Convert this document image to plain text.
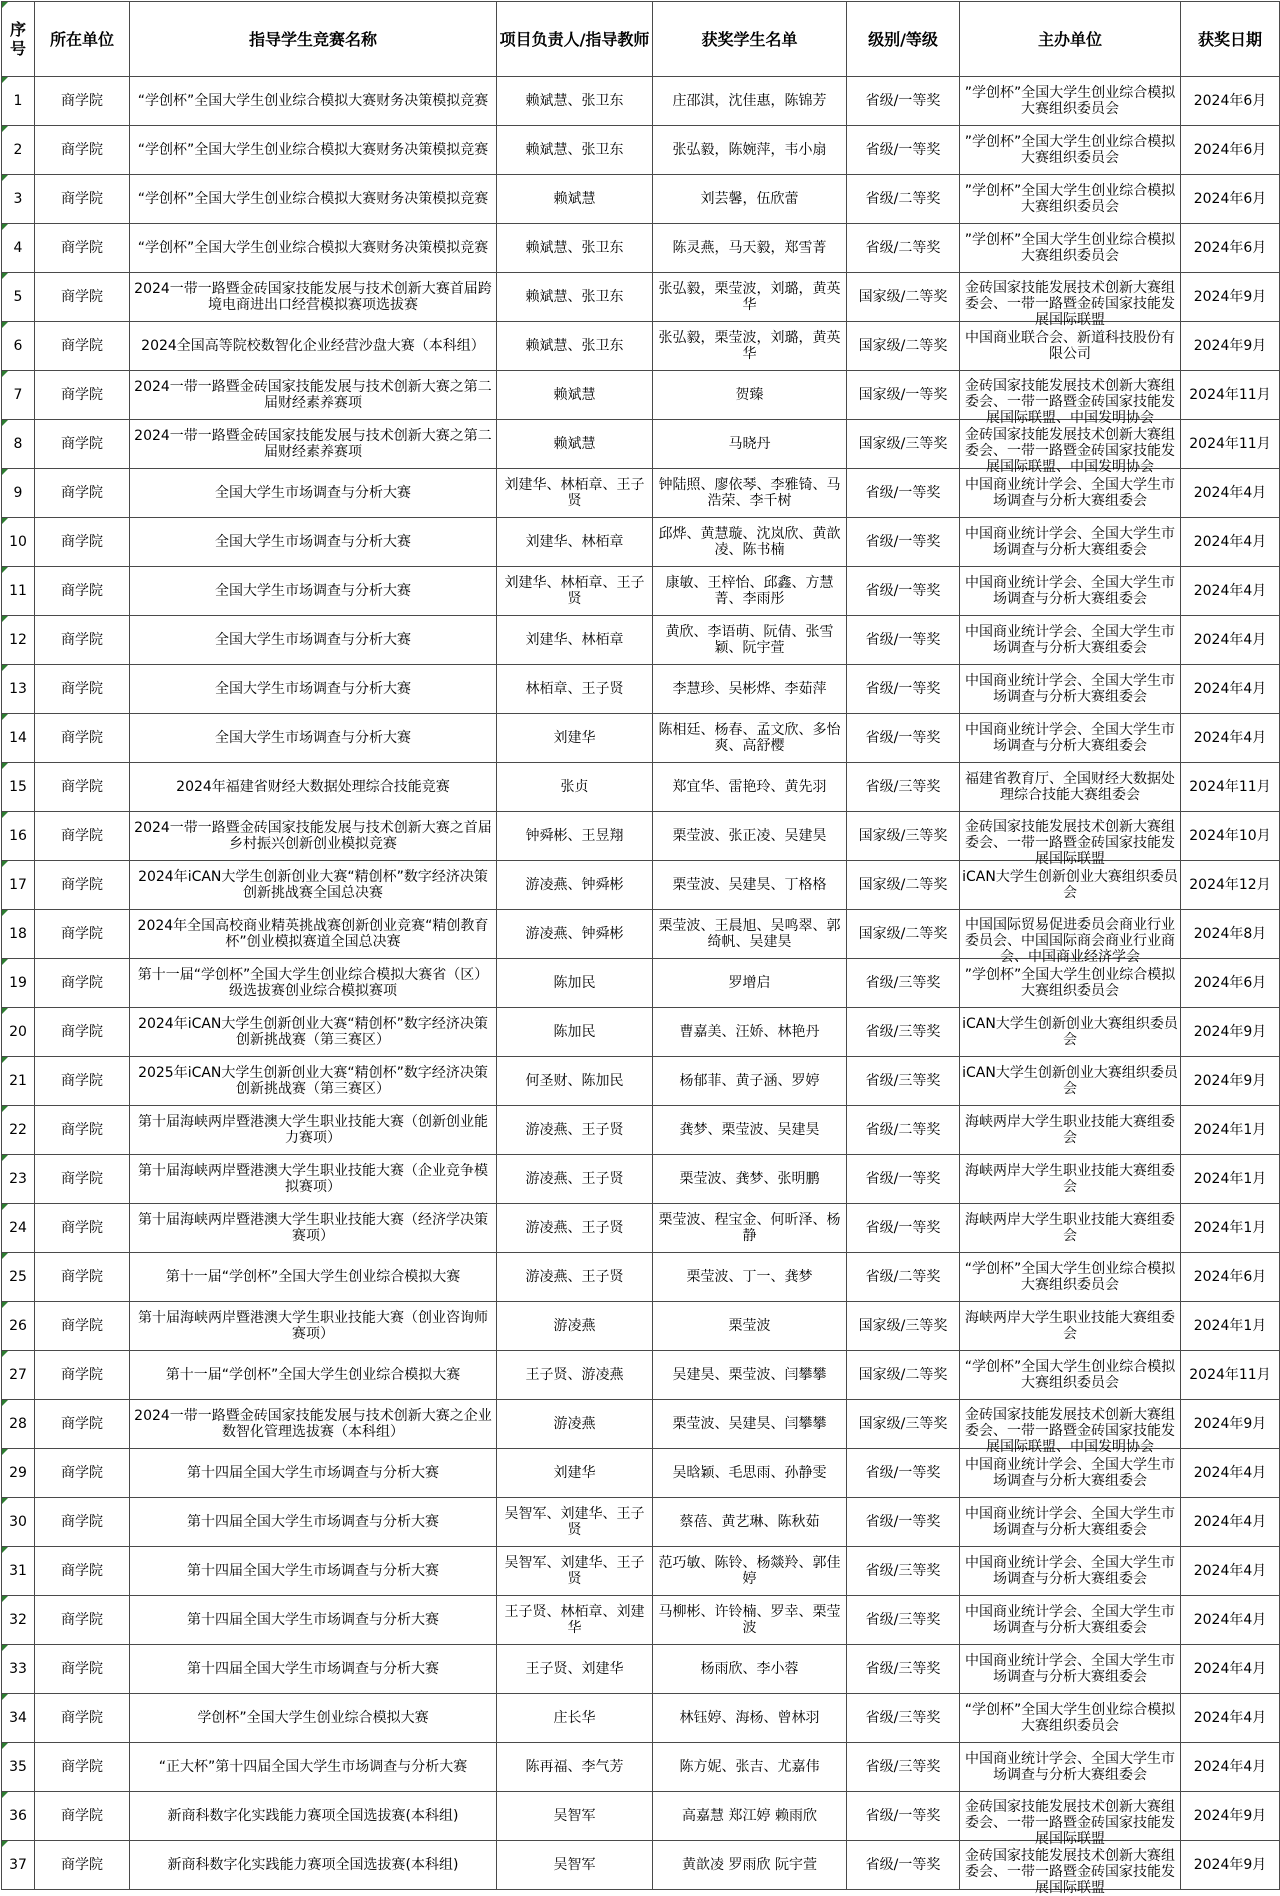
序号	所在单位	指导学生竞赛名称	项目负责人/指导教师	获奖学生名单	级别/等级	主办单位	获奖日期

1	商学院	“学创杯”全国大学生创业综合模拟大赛财务决策模拟竞赛	赖斌慧、张卫东	庄邵淇，沈佳惠，陈锦芳	省级/一等奖	”学创杯”全国大学生创业综合模拟大赛组织委员会	2024年6月

2	商学院	“学创杯”全国大学生创业综合模拟大赛财务决策模拟竞赛	赖斌慧、张卫东	张弘毅，陈婉萍，韦小扇	省级/一等奖	”学创杯”全国大学生创业综合模拟大赛组织委员会	2024年6月

3	商学院	“学创杯”全国大学生创业综合模拟大赛财务决策模拟竞赛	赖斌慧	刘芸馨，伍欣蕾	省级/二等奖	”学创杯”全国大学生创业综合模拟大赛组织委员会	2024年6月

4	商学院	“学创杯”全国大学生创业综合模拟大赛财务决策模拟竞赛	赖斌慧、张卫东	陈灵燕，马天毅，郑雪菁	省级/二等奖	”学创杯”全国大学生创业综合模拟大赛组织委员会	2024年6月

5	商学院	2024一带一路暨金砖国家技能发展与技术创新大赛首届跨境电商进出口经营模拟赛项选拔赛	赖斌慧、张卫东	张弘毅，栗莹波，刘璐，黄英华	国家级/二等奖	金砖国家技能发展技术创新大赛组委会、一带一路暨金砖国家技能发展国际联盟	2024年9月

6	商学院	2024全国高等院校数智化企业经营沙盘大赛（本科组）	赖斌慧、张卫东	张弘毅，栗莹波，刘璐，黄英华	国家级/二等奖	中国商业联合会、新道科技股份有限公司	2024年9月

7	商学院	2024一带一路暨金砖国家技能发展与技术创新大赛之第二届财经素养赛项	赖斌慧	贺臻	国家级/一等奖	金砖国家技能发展技术创新大赛组委会、一带一路暨金砖国家技能发展国际联盟、中国发明协会	2024年11月

8	商学院	2024一带一路暨金砖国家技能发展与技术创新大赛之第二届财经素养赛项	赖斌慧	马晓丹	国家级/三等奖	金砖国家技能发展技术创新大赛组委会、一带一路暨金砖国家技能发展国际联盟、中国发明协会	2024年11月

9	商学院	全国大学生市场调查与分析大赛	刘建华、林栢章、王子贤	钟陆照、廖依琴、李雅锜、马浩荣、李千树	省级/一等奖	中国商业统计学会、全国大学生市场调查与分析大赛组委会	2024年4月

10	商学院	全国大学生市场调查与分析大赛	刘建华、林栢章	邱烨、黄慧璇、沈岚欣、黄歆凌、陈书楠	省级/一等奖	中国商业统计学会、全国大学生市场调查与分析大赛组委会	2024年4月

11	商学院	全国大学生市场调查与分析大赛	刘建华、林栢章、王子贤	康敏、王梓怡、邱鑫、方慧菁、李雨彤	省级/一等奖	中国商业统计学会、全国大学生市场调查与分析大赛组委会	2024年4月

12	商学院	全国大学生市场调查与分析大赛	刘建华、林栢章	黄欣、李语萌、阮倩、张雪颖、阮宇萱	省级/一等奖	中国商业统计学会、全国大学生市场调查与分析大赛组委会	2024年4月

13	商学院	全国大学生市场调查与分析大赛	林栢章、王子贤	李慧珍、吴彬烨、李茹萍	省级/一等奖	中国商业统计学会、全国大学生市场调查与分析大赛组委会	2024年4月

14	商学院	全国大学生市场调查与分析大赛	刘建华	陈相廷、杨春、孟文欣、多怡爽、高舒樱	省级/一等奖	中国商业统计学会、全国大学生市场调查与分析大赛组委会	2024年4月

15	商学院	2024年福建省财经大数据处理综合技能竞赛	张贞	郑宜华、雷艳玲、黄先羽	省级/三等奖	福建省教育厅、全国财经大数据处理综合技能大赛组委会	2024年11月

16	商学院	2024一带一路暨金砖国家技能发展与技术创新大赛之首届乡村振兴创新创业模拟竞赛	钟舜彬、王昱翔	栗莹波、张正凌、吴建昊	国家级/三等奖	金砖国家技能发展技术创新大赛组委会、一带一路暨金砖国家技能发展国际联盟	2024年10月

17	商学院	2024年iCAN大学生创新创业大赛“精创杯”数字经济决策创新挑战赛全国总决赛	游凌燕、钟舜彬	栗莹波、吴建昊、丁格格	国家级/二等奖	iCAN大学生创新创业大赛组织委员会	2024年12月

18	商学院	2024年全国高校商业精英挑战赛创新创业竞赛“精创教育杯”创业模拟赛道全国总决赛	游凌燕、钟舜彬	栗莹波、王晨旭、吴鸣翠、郭绮帆、吴建昊	国家级/二等奖	中国国际贸易促进委员会商业行业委员会、中国国际商会商业行业商会、中国商业经济学会	2024年8月

19	商学院	第十一届“学创杯”全国大学生创业综合模拟大赛省（区）级选拔赛创业综合模拟赛项	陈加民	罗增启	省级/三等奖	”学创杯”全国大学生创业综合模拟大赛组织委员会	2024年6月

20	商学院	2024年iCAN大学生创新创业大赛“精创杯”数字经济决策创新挑战赛（第三赛区）	陈加民	曹嘉美、汪娇、林艳丹	省级/三等奖	iCAN大学生创新创业大赛组织委员会	2024年9月

21	商学院	2025年iCAN大学生创新创业大赛“精创杯”数字经济决策创新挑战赛（第三赛区）	何圣财、陈加民	杨郁菲、黄子涵、罗婷	省级/三等奖	iCAN大学生创新创业大赛组织委员会	2024年9月

22	商学院	第十届海峡两岸暨港澳大学生职业技能大赛（创新创业能力赛项）	游凌燕、王子贤	龚梦、栗莹波、吴建昊	省级/二等奖	海峡两岸大学生职业技能大赛组委会	2024年1月

23	商学院	第十届海峡两岸暨港澳大学生职业技能大赛（企业竞争模拟赛项）	游凌燕、王子贤	栗莹波、龚梦、张明鹏	省级/一等奖	海峡两岸大学生职业技能大赛组委会	2024年1月

24	商学院	第十届海峡两岸暨港澳大学生职业技能大赛（经济学决策赛项）	游凌燕、王子贤	栗莹波、程宝金、何昕泽、杨静	省级/一等奖	海峡两岸大学生职业技能大赛组委会	2024年1月

25	商学院	第十一届“学创杯”全国大学生创业综合模拟大赛	游凌燕、王子贤	栗莹波、丁一、龚梦	省级/二等奖	“学创杯”全国大学生创业综合模拟大赛组织委员会	2024年6月

26	商学院	第十届海峡两岸暨港澳大学生职业技能大赛（创业咨询师赛项）	游凌燕	栗莹波	国家级/三等奖	海峡两岸大学生职业技能大赛组委会	2024年1月

27	商学院	第十一届“学创杯”全国大学生创业综合模拟大赛	王子贤、游凌燕	吴建昊、栗莹波、闫攀攀	国家级/二等奖	“学创杯”全国大学生创业综合模拟大赛组织委员会	2024年11月

28	商学院	2024一带一路暨金砖国家技能发展与技术创新大赛之企业数智化管理选拔赛（本科组）	游凌燕	栗莹波、吴建昊、闫攀攀	国家级/三等奖	金砖国家技能发展技术创新大赛组委会、一带一路暨金砖国家技能发展国际联盟、中国发明协会	2024年9月

29	商学院	第十四届全国大学生市场调查与分析大赛	刘建华	吴晗颖、毛思雨、孙静雯	省级/一等奖	中国商业统计学会、全国大学生市场调查与分析大赛组委会	2024年4月

30	商学院	第十四届全国大学生市场调查与分析大赛	吴智军、刘建华、王子贤	蔡蓓、黄艺琳、陈秋茹	省级/一等奖	中国商业统计学会、全国大学生市场调查与分析大赛组委会	2024年4月

31	商学院	第十四届全国大学生市场调查与分析大赛	吴智军、刘建华、王子贤	范巧敏、陈铃、杨燚羚、郭佳婷	省级/三等奖	中国商业统计学会、全国大学生市场调查与分析大赛组委会	2024年4月

32	商学院	第十四届全国大学生市场调查与分析大赛	王子贤、林栢章、刘建华	马柳彬、许铃楠、罗幸、栗莹波	省级/三等奖	中国商业统计学会、全国大学生市场调查与分析大赛组委会	2024年4月

33	商学院	第十四届全国大学生市场调查与分析大赛	王子贤、刘建华	杨雨欣、李小蓉	省级/三等奖	中国商业统计学会、全国大学生市场调查与分析大赛组委会	2024年4月

34	商学院	学创杯”全国大学生创业综合模拟大赛	庄长华	林钰婷、海杨、曾林羽	省级/三等奖	“学创杯”全国大学生创业综合模拟大赛组织委员会	2024年4月

35	商学院	“正大杯”第十四届全国大学生市场调查与分析大赛	陈再福、李气芳	陈方妮、张吉、尤嘉伟	省级/三等奖	中国商业统计学会、全国大学生市场调查与分析大赛组委会	2024年4月

36	商学院	新商科数字化实践能力赛项全国选拔赛(本科组)	吴智军	高嘉慧 郑江婷 赖雨欣	省级/一等奖	金砖国家技能发展技术创新大赛组委会、一带一路暨金砖国家技能发展国际联盟	2024年9月

37	商学院	新商科数字化实践能力赛项全国选拔赛(本科组)	吴智军	黄歆凌 罗雨欣 阮宇萱	省级/一等奖	金砖国家技能发展技术创新大赛组委会、一带一路暨金砖国家技能发展国际联盟	2024年9月
